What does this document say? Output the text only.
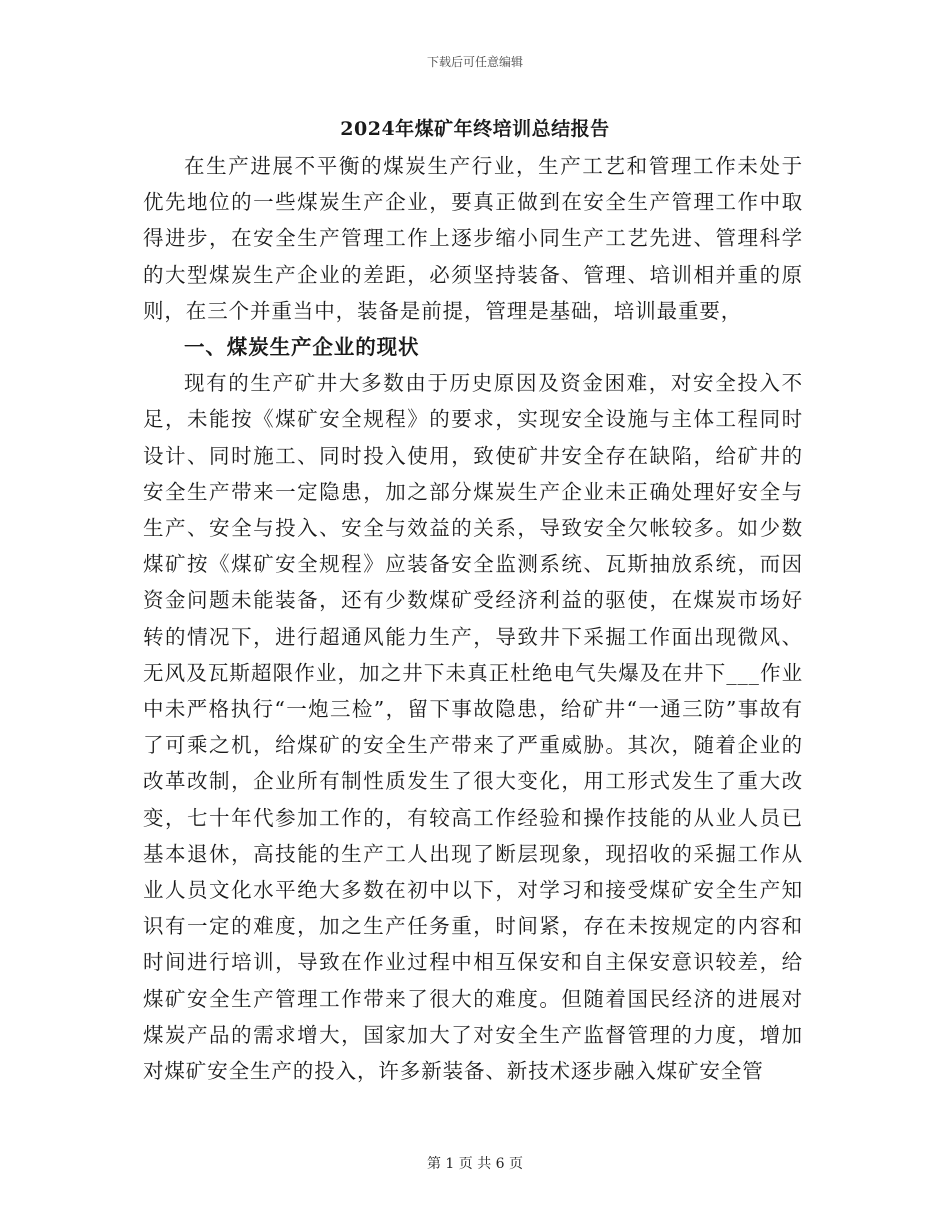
下载后可任意编辑
2024年煤矿年终培训总结报告

在生产进展不平衡的煤炭生产行业，生产工艺和管理工作未处于优先地位的一些煤炭生产企业，要真正做到在安全生产管理工作中取得进步，在安全生产管理工作上逐步缩小同生产工艺先进、管理科学的大型煤炭生产企业的差距，必须坚持装备、管理、培训相并重的原则，在三个并重当中，装备是前提，管理是基础，培训最重要，

一、煤炭生产企业的现状

现有的生产矿井大多数由于历史原因及资金困难，对安全投入不足，未能按《煤矿安全规程》的要求，实现安全设施与主体工程同时设计、同时施工、同时投入使用，致使矿井安全存在缺陷，给矿井的安全生产带来一定隐患，加之部分煤炭生产企业未正确处理好安全与生产、安全与投入、安全与效益的关系，导致安全欠帐较多。如少数煤矿按《煤矿安全规程》应装备安全监测系统、瓦斯抽放系统，而因资金问题未能装备，还有少数煤矿受经济利益的驱使，在煤炭市场好转的情况下，进行超通风能力生产，导致井下采掘工作面出现微风、无风及瓦斯超限作业，加之井下未真正杜绝电气失爆及在井下___作业中未严格执行“一炮三检”，留下事故隐患，给矿井“一通三防”事故有了可乘之机，给煤矿的安全生产带来了严重威胁。其次，随着企业的改革改制，企业所有制性质发生了很大变化，用工形式发生了重大改变，七十年代参加工作的，有较高工作经验和操作技能的从业人员已基本退休，高技能的生产工人出现了断层现象，现招收的采掘工作从业人员文化水平绝大多数在初中以下，对学习和接受煤矿安全生产知识有一定的难度，加之生产任务重，时间紧，存在未按规定的内容和时间进行培训，导致在作业过程中相互保安和自主保安意识较差，给煤矿安全生产管理工作带来了很大的难度。但随着国民经济的进展对煤炭产品的需求增大，国家加大了对安全生产监督管理的力度，增加对煤矿安全生产的投入，许多新装备、新技术逐步融入煤矿安全管

第 1 页 共 6 页
